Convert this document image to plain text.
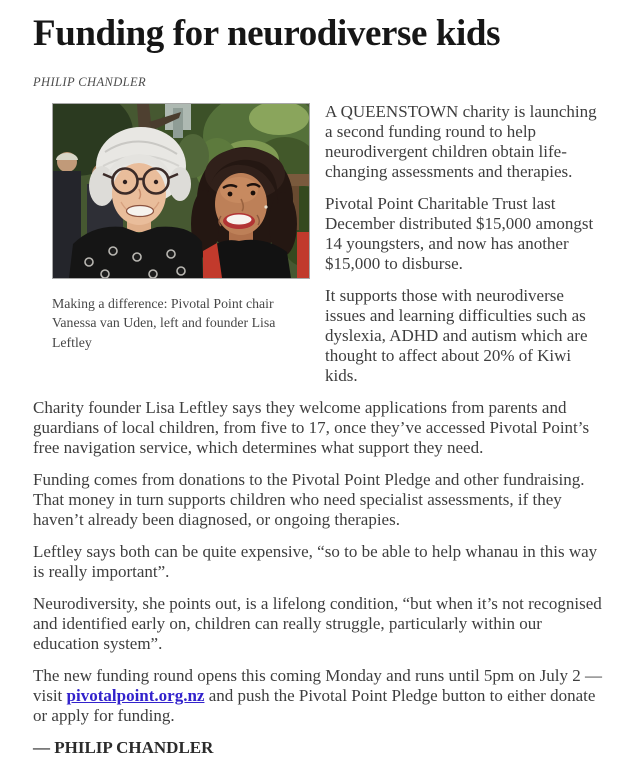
Funding for neurodiverse kids
PHILIP CHANDLER
Making a difference: Pivotal Point chair Vanessa van Uden, left and founder Lisa Leftley

A QUEENSTOWN charity is launching a second funding round to help neurodivergent children obtain life-changing assessments and therapies.

Pivotal Point Charitable Trust last December distributed $15,000 amongst 14 youngsters, and now has another $15,000 to disburse.

It supports those with neurodiverse issues and learning difficulties such as dyslexia, ADHD and autism which are thought to affect about 20% of Kiwi kids.

Charity founder Lisa Leftley says they welcome applications from parents and guardians of local children, from five to 17, once they’ve accessed Pivotal Point’s free navigation service, which determines what support they need.

Funding comes from donations to the Pivotal Point Pledge and other fundraising. That money in turn supports children who need specialist assessments, if they haven’t already been diagnosed, or ongoing therapies.

Leftley says both can be quite expensive, “so to be able to help whanau in this way is really important”.

Neurodiversity, she points out, is a lifelong condition, “but when it’s not recognised and identified early on, children can really struggle, particularly within our education system”.

The new funding round opens this coming Monday and runs until 5pm on July 2 — visit pivotalpoint.org.nz and push the Pivotal Point Pledge button to either donate or apply for funding.

— PHILIP CHANDLER
